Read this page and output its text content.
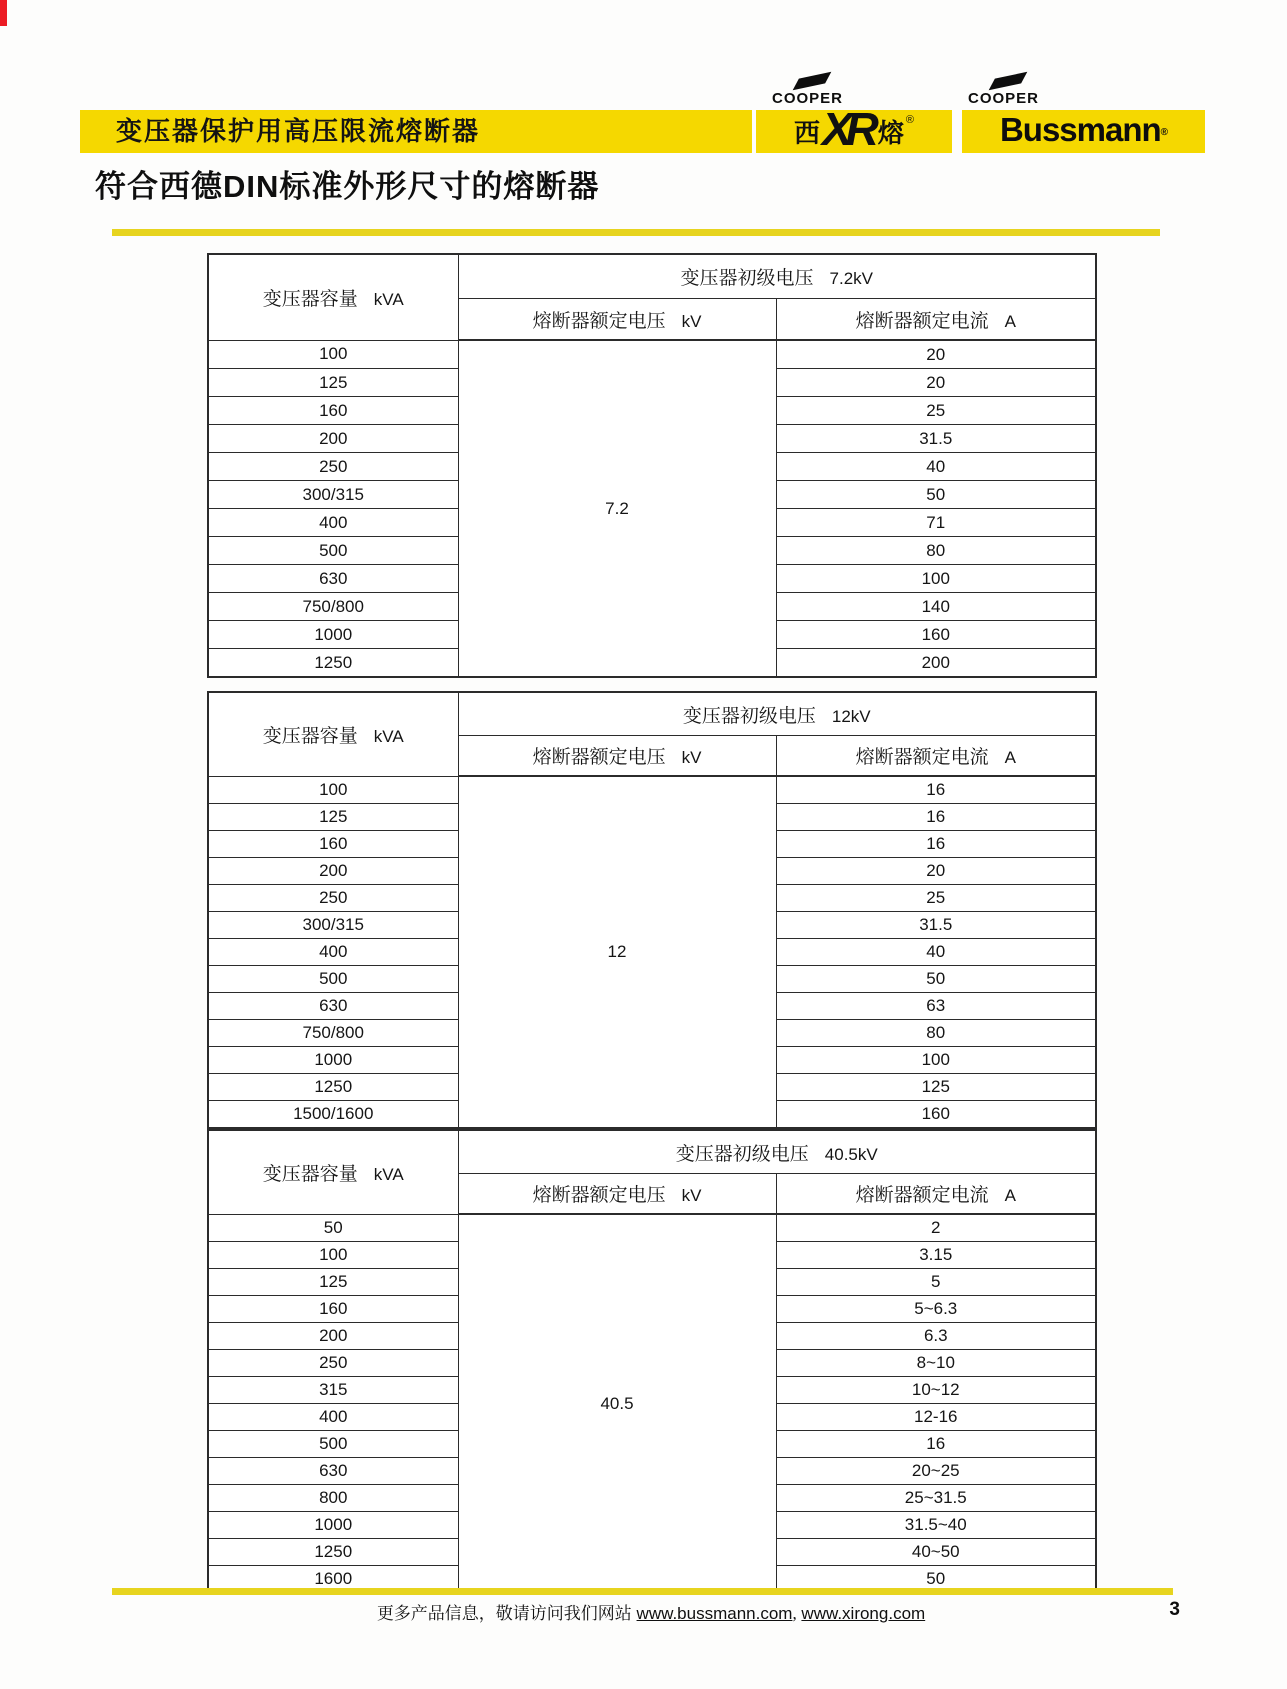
变压器保护用高压限流熔断器
COOPER	COOPER
西 XR 熔 ®	Bussmann®
符合西德DIN标准外形尺寸的熔断器
变压器容量 kVA	变压器初级电压 7.2kV	
	熔断器额定电压 kV	熔断器额定电流 A
100	7.2	20
125		20
160		25
200		31.5
250		40
300/315		50
400		71
500		80
630		100
750/800		140
1000		160
1250		200
变压器容量 kVA	变压器初级电压 12kV	
	熔断器额定电压 kV	熔断器额定电流 A
100	12	16
125		16
160		16
200		20
250		25
300/315		31.5
400		40
500		50
630		63
750/800		80
1000		100
1250		125
1500/1600		160
变压器容量 kVA	变压器初级电压 40.5kV	
	熔断器额定电压 kV	熔断器额定电流 A
50	40.5	2
100		3.15
125		5
160		5~6.3
200		6.3
250		8~10
315		10~12
400		12-16
500		16
630		20~25
800		25~31.5
1000		31.5~40
1250		40~50
1600		50
更多产品信息，敬请访问我们网站 www.bussmann.com, www.xirong.com	3
